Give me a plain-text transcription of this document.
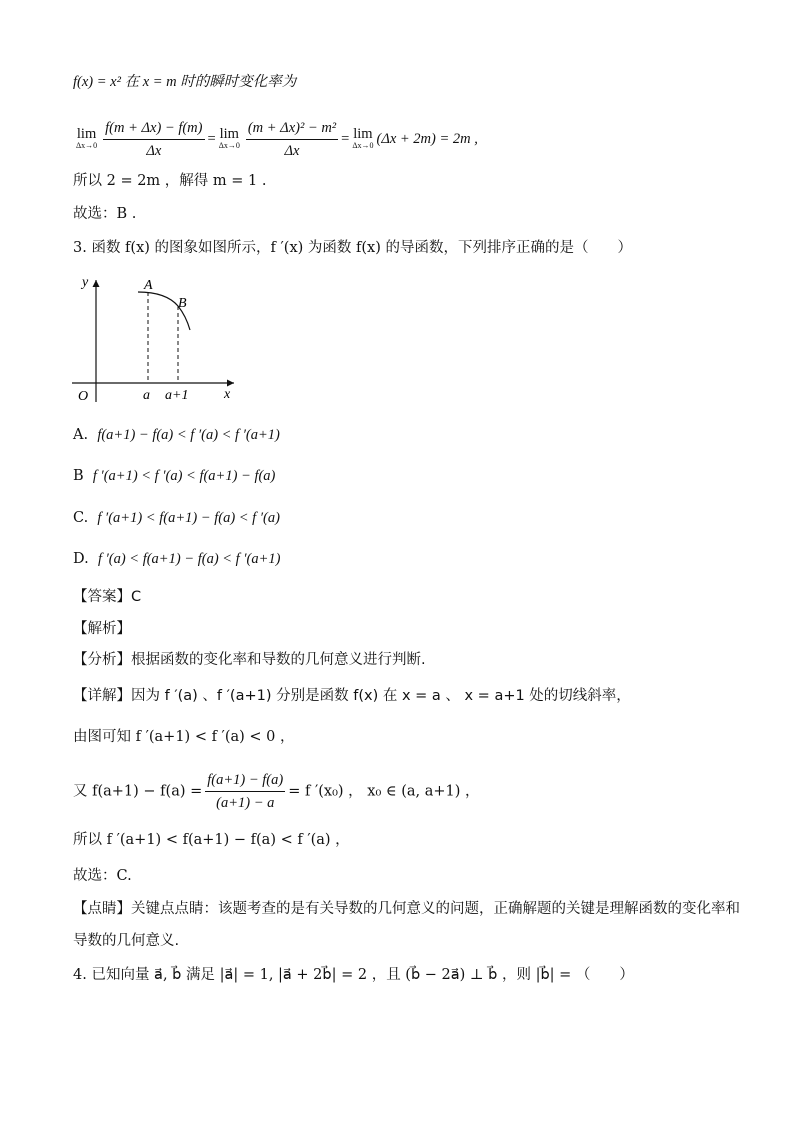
f(x) = x² 在 x = m 时的瞬时变化率为
lim
$\Delta x\to 0 \frac{f(m + \Delta x) - f(m)}{\Delta x} = \lim$
$\Delta x\to 0 \frac{\text{(m + Δx)² − m²}}{\Delta x} = \lim$
Δx→0 (Δx + 2m) = 2m ,
所以 2 = 2m ，解得 m = 1 .
故选：B .
3. 函数 f(x) 的图象如图所示，f ′(x) 为函数 f(x) 的导函数，下列排序正确的是（　　）
y
x
O
A
B
a a+1
A. f(a+1) − f(a) < f ′(a) < f ′(a+1)
B f ′(a+1) < f ′(a) < f(a+1) − f(a)
C. f ′(a+1) < f(a+1) − f(a) < f ′(a)
D. f ′(a) < f(a+1) − f(a) < f ′(a+1)
【答案】C
【解析】
【分析】根据函数的变化率和导数的几何意义进行判断.
【详解】因为 f ′(a) 、f ′(a+1) 分别是函数 f(x) 在 x = a 、 x = a+1 处的切线斜率，
由图可知 f ′(a+1) < f ′(a) < 0 ，
又 $f(a+1) - f(a) = \frac{f(a+1) - f(a)}{(a+1) - a} = f$ ′(x₀) ， x₀ ∈ (a, a+1) ，
所以 f ′(a+1) < f(a+1) − f(a) < f ′(a) ，
故选：C.
【点睛】关键点点睛：该题考查的是有关导数的几何意义的问题，正确解题的关键是理解函数的变化率和
导数的几何意义.
4. 已知向量 a⃗, b⃗ 满足 |a⃗| = 1, |a⃗ + 2b⃗| = 2 ，且 (b⃗ − 2a⃗) ⊥ b⃗ ，则 |b⃗| = （　　）
